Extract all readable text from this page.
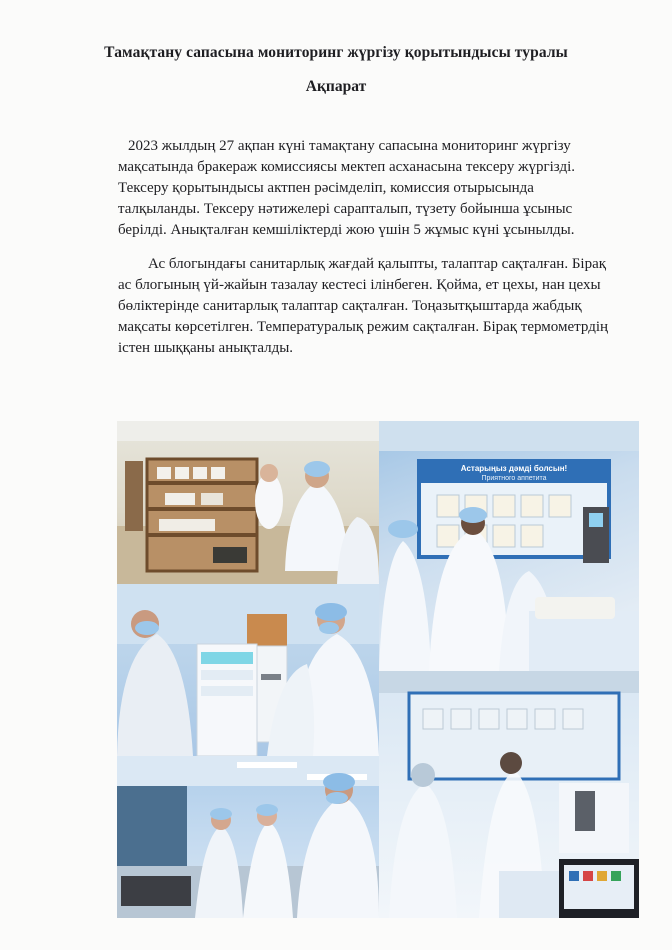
Тамақтану сапасына мониторинг жүргізу қорытындысы туралы
Ақпарат

2023 жылдың 27 ақпан күні тамақтану сапасына мониторинг жүргізу
мақсатында бракераж комиссиясы мектеп асханасына тексеру жүргізді.
Тексеру қорытындысы актпен рәсімделіп, комиссия отырысында
талқыланды. Тексеру нәтижелері сарапталып, түзету бойынша ұсыныс
берілді. Анықталған кемшіліктерді жою үшін 5 жұмыс күні ұсынылды.

Ас блогындағы санитарлық жағдай қалыпты, талаптар сақталған. Бірақ
ас блогының үй-жайын тазалау кестесі ілінбеген. Қойма, ет цехы, нан цехы
бөліктерінде санитарлық талаптар сақталған. Тоңазытқыштарда жабдық
мақсаты көрсетілген. Температуралық режим сақталған. Бірақ термометрдің
істен шыққаны анықталды.

Астарыңыз дәмді болсын!
Приятного аппетита
